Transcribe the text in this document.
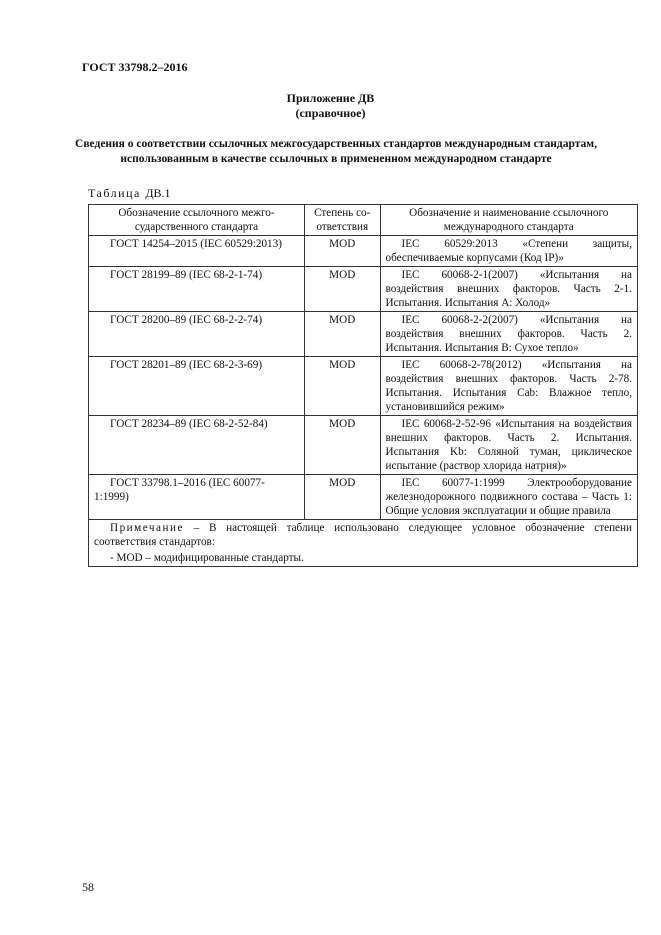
ГОСТ 33798.2–2016
Приложение ДВ
(справочное)
Сведения о соответствии ссылочных межгосударственных стандартов международным стандартам, использованным в качестве ссылочных в примененном международном стандарте
Таблица ДВ.1
Обозначение ссылочного межгосударственного стандарта	Степень соответствия	Обозначение и наименование ссылочного международного стандарта
ГОСТ 14254–2015 (IEC 60529:2013)	MOD	IEC 60529:2013 «Степени защиты, обеспечиваемые корпусами (Код IP)»
ГОСТ 28199–89 (IEC 68-2-1-74)	MOD	IEC 60068-2-1(2007) «Испытания на воздействия внешних факторов. Часть 2-1. Испытания. Испытания А: Холод»
ГОСТ 28200–89 (IEC 68-2-2-74)	MOD	IEC 60068-2-2(2007) «Испытания на воздействия внешних факторов. Часть 2. Испытания. Испытания В: Сухое тепло»
ГОСТ 28201–89 (IEC 68-2-3-69)	MOD	IEC 60068-2-78(2012) «Испытания на воздействия внешних факторов. Часть 2-78. Испытания. Испытания Cab: Влажное тепло, установившийся режим»
ГОСТ 28234–89 (IEC 68-2-52-84)	MOD	IEC 60068-2-52-96 «Испытания на воздействия внешних факторов. Часть 2. Испытания. Испытания Kb: Соляной туман, циклическое испытание (раствор хлорида натрия)»
ГОСТ 33798.1–2016 (IEC 60077-1:1999)	MOD	IEC 60077-1:1999 Электрооборудование железнодорожного подвижного состава – Часть 1: Общие условия эксплуатации и общие правила

Примечание – В настоящей таблице использовано следующее условное обозначение степени соответствия стандартов:
- MOD – модифицированные стандарты.		
58
